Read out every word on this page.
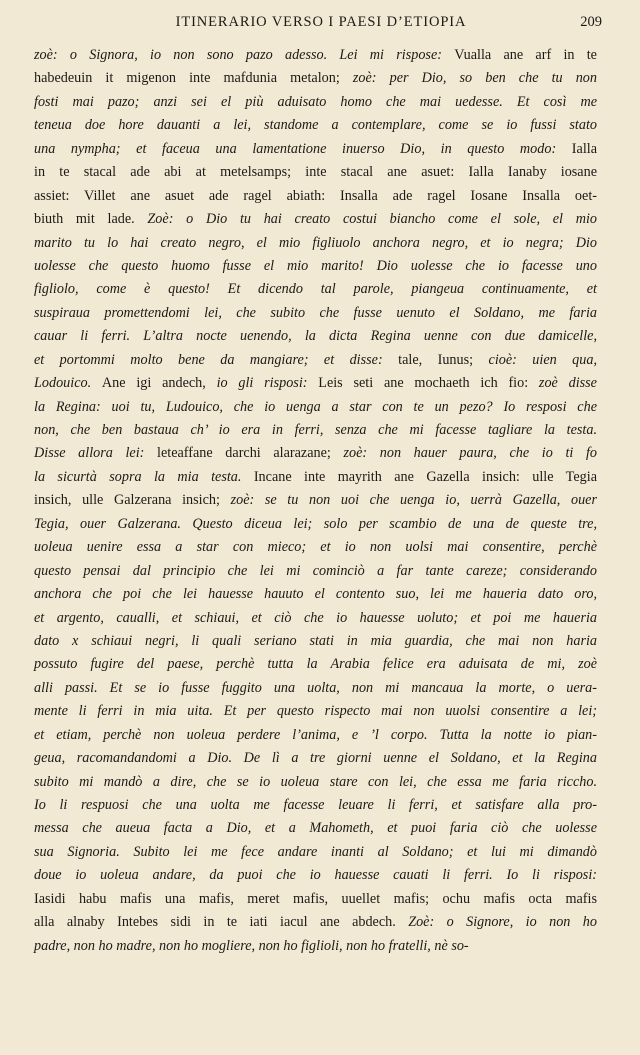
ITINERARIO VERSO I PAESI D’ETIOPIA	209
zoè: o Signora, io non sono pazo adesso. Lei mi rispose: Vualla ane arf in te
habedeuin it migenon inte mafdunia metalon; zoè: per Dio, so ben che tu non
fosti mai pazo; anzi sei el più aduisato homo che mai uedesse. Et così me
teneua doe hore dauanti a lei, standome a contemplare, come se io fussi stato
una nympha; et faceua una lamentatione inuerso Dio, in questo modo: Ialla
in te stacal ade abi at metelsamps; inte stacal ane asuet: Ialla Ianaby iosane
assiet: Villet ane asuet ade ragel abiath: Insalla ade ragel Iosane Insalla oet-
biuth mit lade. Zoè: o Dio tu hai creato costui biancho come el sole, el mio
marito tu lo hai creato negro, el mio figliuolo anchora negro, et io negra; Dio
uolesse che questo huomo fusse el mio marito! Dio uolesse che io facesse uno
figliolo, come è questo! Et dicendo tal parole, piangeua continuamente, et
suspiraua promettendomi lei, che subito che fusse uenuto el Soldano, me faria
cauar li ferri. L’altra nocte uenendo, la dicta Regina uenne con due damicelle,
et portommi molto bene da mangiare; et disse: tale, Iunus; cioè: uien qua,
Lodouico. Ane igi andech, io gli risposi: Leis seti ane mochaeth ich fio: zoè disse
la Regina: uoi tu, Ludouico, che io uenga a star con te un pezo? Io resposi che
non, che ben bastaua ch’ io era in ferri, senza che mi facesse tagliare la testa.
Disse allora lei: leteaffane darchi alarazane; zoè: non hauer paura, che io ti fo
la sicurtà sopra la mia testa. Incane inte mayrith ane Gazella insich: ulle Tegia
insich, ulle Galzerana insich; zoè: se tu non uoi che uenga io, uerrà Gazella, ouer
Tegia, ouer Galzerana. Questo diceua lei; solo per scambio de una de queste tre,
uoleua uenire essa a star con mieco; et io non uolsi mai consentire, perchè
questo pensai dal principio che lei mi cominciò a far tante careze; considerando
anchora che poi che lei hauesse hauuto el contento suo, lei me haueria dato oro,
et argento, caualli, et schiaui, et ciò che io hauesse uoluto; et poi me haueria
dato x schiaui negri, li quali seriano stati in mia guardia, che mai non haria
possuto fugire del paese, perchè tutta la Arabia felice era aduisata de mi, zoè
alli passi. Et se io fusse fuggito una uolta, non mi mancaua la morte, o uera-
mente li ferri in mia uita. Et per questo rispecto mai non uuolsi consentire a lei;
et etiam, perchè non uoleua perdere l’anima, e ’l corpo. Tutta la notte io pian-
geua, racomandandomi a Dio. De lì a tre giorni uenne el Soldano, et la Regina
subito mi mandò a dire, che se io uoleua stare con lei, che essa me faria riccho.
Io li respuosi che una uolta me facesse leuare li ferri, et satisfare alla pro-
messa che aueua facta a Dio, et a Mahometh, et puoi faria ciò che uolesse
sua Signoria. Subito lei me fece andare inanti al Soldano; et lui mi dimandò
doue io uoleua andare, da puoi che io hauesse cauati li ferri. Io li risposi:
Iasidi habu mafis una mafis, meret mafis, uuellet mafis; ochu mafis octa mafis
alla alnaby Intebes sidi in te iati iacul ane abdech. Zoè: o Signore, io non ho
padre, non ho madre, non ho mogliere, non ho figlioli, non ho fratelli, nè so-
